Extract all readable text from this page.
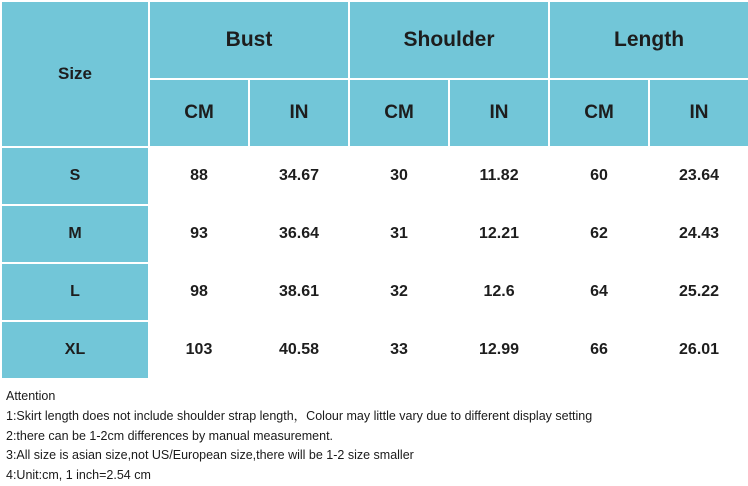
Size	Bust		Shoulder		Length	
	CM	IN	CM	IN	CM	IN
S	88	34.67	30	11.82	60	23.64
M	93	36.64	31	12.21	62	24.43
L	98	38.61	32	12.6	64	25.22
XL	103	40.58	33	12.99	66	26.01
Attention
1:Skirt length does not include shoulder strap length，Colour may little vary due to different display setting
2:there can be 1-2cm differences by manual measurement.
3:All size is asian size,not US/European size,there will be 1-2 size smaller
4:Unit:cm, 1 inch=2.54 cm
